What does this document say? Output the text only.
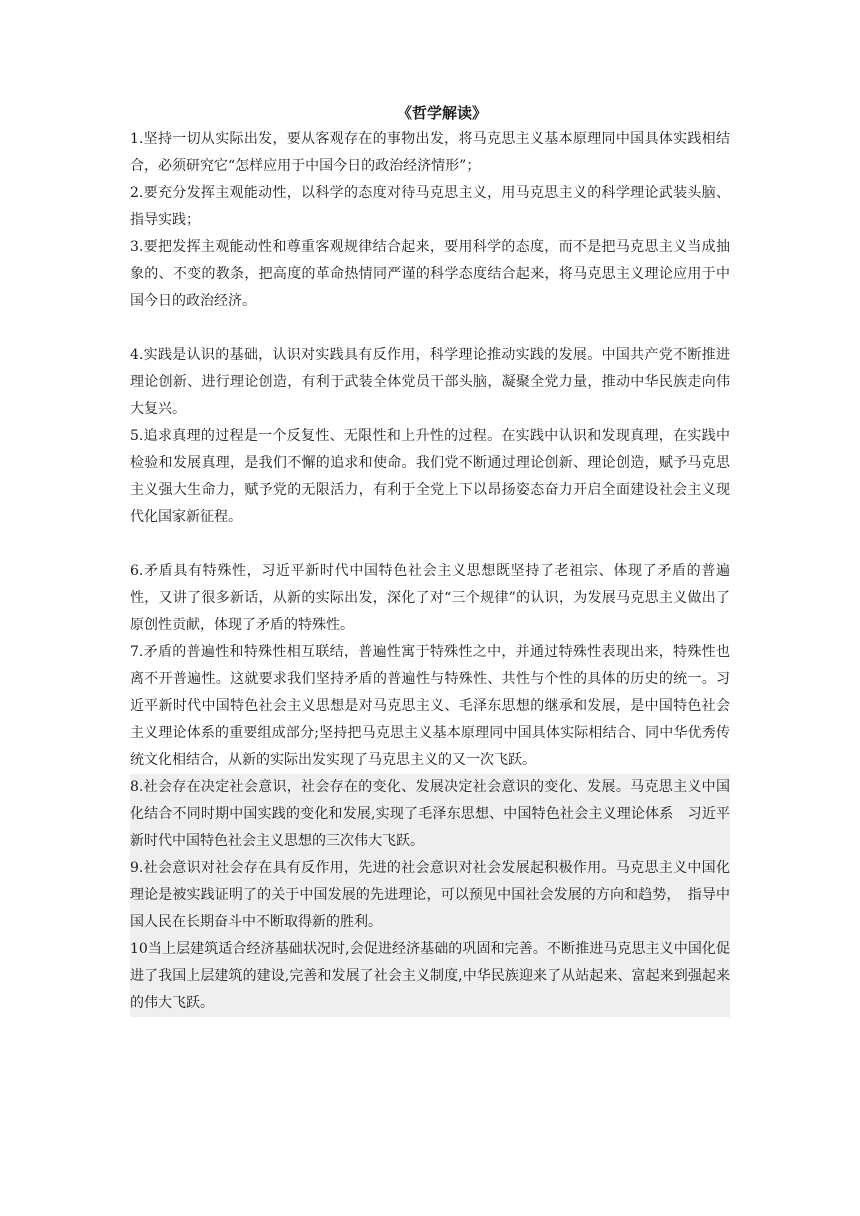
《哲学解读》

1.坚持一切从实际出发，要从客观存在的事物出发，将马克思主义基本原理同中国具体实践相结合，必须研究它“怎样应用于中国今日的政治经济情形”；

2.要充分发挥主观能动性，以科学的态度对待马克思主义，用马克思主义的科学理论武装头脑、指导实践；

3.要把发挥主观能动性和尊重客观规律结合起来，要用科学的态度，而不是把马克思主义当成抽象的、不变的教条，把高度的革命热情同严谨的科学态度结合起来，将马克思主义理论应用于中国今日的政治经济。

4.实践是认识的基础，认识对实践具有反作用，科学理论推动实践的发展。中国共产党不断推进理论创新、进行理论创造，有利于武装全体党员干部头脑，凝聚全党力量，推动中华民族走向伟大复兴。

5.追求真理的过程是一个反复性、无限性和上升性的过程。在实践中认识和发现真理，在实践中检验和发展真理，是我们不懈的追求和使命。我们党不断通过理论创新、理论创造，赋予马克思主义强大生命力，赋予党的无限活力，有利于全党上下以昂扬姿态奋力开启全面建设社会主义现代化国家新征程。

6.矛盾具有特殊性，习近平新时代中国特色社会主义思想既坚持了老祖宗、体现了矛盾的普遍性，又讲了很多新话，从新的实际出发，深化了对“三个规律”的认识，为发展马克思主义做出了原创性贡献，体现了矛盾的特殊性。

7.矛盾的普遍性和特殊性相互联结，普遍性寓于特殊性之中，并通过特殊性表现出来，特殊性也离不开普遍性。这就要求我们坚持矛盾的普遍性与特殊性、共性与个性的具体的历史的统一。习近平新时代中国特色社会主义思想是对马克思主义、毛泽东思想的继承和发展，是中国特色社会主义理论体系的重要组成部分;坚持把马克思主义基本原理同中国具体实际相结合、同中华优秀传统文化相结合，从新的实际出发实现了马克思主义的又一次飞跃。

8.社会存在决定社会意识，社会存在的变化、发展决定社会意识的变化、发展。马克思主义中国化结合不同时期中国实践的变化和发展,实现了毛泽东思想、中国特色社会主义理论体系　习近平新时代中国特色社会主义思想的三次伟大飞跃。

9.社会意识对社会存在具有反作用，先进的社会意识对社会发展起积极作用。马克思主义中国化理论是被实践证明了的关于中国发展的先进理论，可以预见中国社会发展的方向和趋势，　指导中国人民在长期奋斗中不断取得新的胜利。

10当上层建筑适合经济基础状况时,会促进经济基础的巩固和完善。不断推进马克思主义中国化促进了我国上层建筑的建设,完善和发展了社会主义制度,中华民族迎来了从站起来、富起来到强起来的伟大飞跃。
